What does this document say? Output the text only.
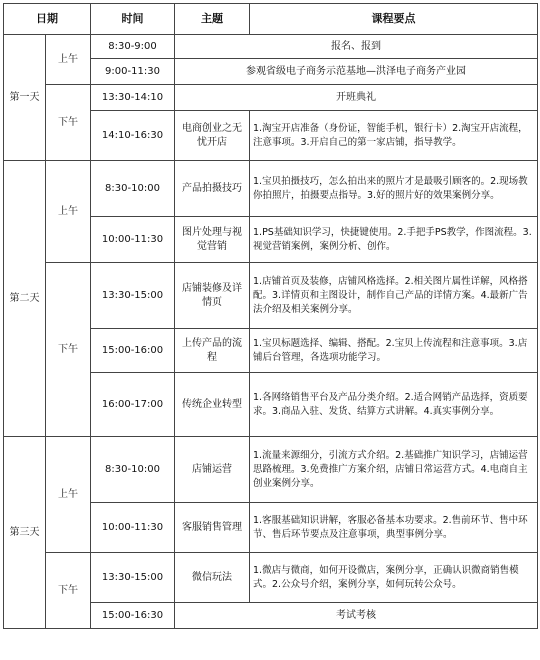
日期		时间	主题	课程要点
第一天	上午	8:30-9:00	报名、报到	
		9:00-11:30	参观省级电子商务示范基地—洪泽电子商务产业园	
	下午	13:30-14:10	开班典礼	
		14:10-16:30	电商创业之无忧开店	1.淘宝开店准备（身份证，智能手机，银行卡）2.淘宝开店流程，注意事项。3.开启自己的第一家店铺，指导教学。
第二天	上午	8:30-10:00	产品拍摄技巧	1.宝贝拍摄技巧，怎么拍出来的照片才是最吸引顾客的。2.现场教你拍照片，拍摄要点指导。3.好的照片好的效果案例分享。
		10:00-11:30	图片处理与视觉营销	1.PS基础知识学习，快捷键使用。2.手把手PS教学，作图流程。3.视觉营销案例，案例分析、创作。
	下午	13:30-15:00	店铺装修及详情页	1.店铺首页及装修，店铺风格选择。2.相关图片属性详解，风格搭配。3.详情页和主图设计，制作自己产品的详情方案。4.最新广告法介绍及相关案例分享。
		15:00-16:00	上传产品的流程	1.宝贝标题选择、编辑、搭配。2.宝贝上传流程和注意事项。3.店铺后台管理，各选项功能学习。
		16:00-17:00	传统企业转型	1.各网络销售平台及产品分类介绍。2.适合网销产品选择，资质要求。3.商品入驻、发货、结算方式讲解。4.真实事例分享。
第三天	上午	8:30-10:00	店铺运营	1.流量来源细分，引流方式介绍。2.基础推广知识学习，店铺运营思路梳理。3.免费推广方案介绍，店铺日常运营方式。4.电商自主创业案例分享。
		10:00-11:30	客服销售管理	1.客服基础知识讲解，客服必备基本功要求。2.售前环节、售中环节、售后环节要点及注意事项，典型事例分享。
	下午	13:30-15:00	微信玩法	1.微店与微商，如何开设微店，案例分享，正确认识微商销售模式。2.公众号介绍，案例分享，如何玩转公众号。
		15:00-16:30	考试考核	
